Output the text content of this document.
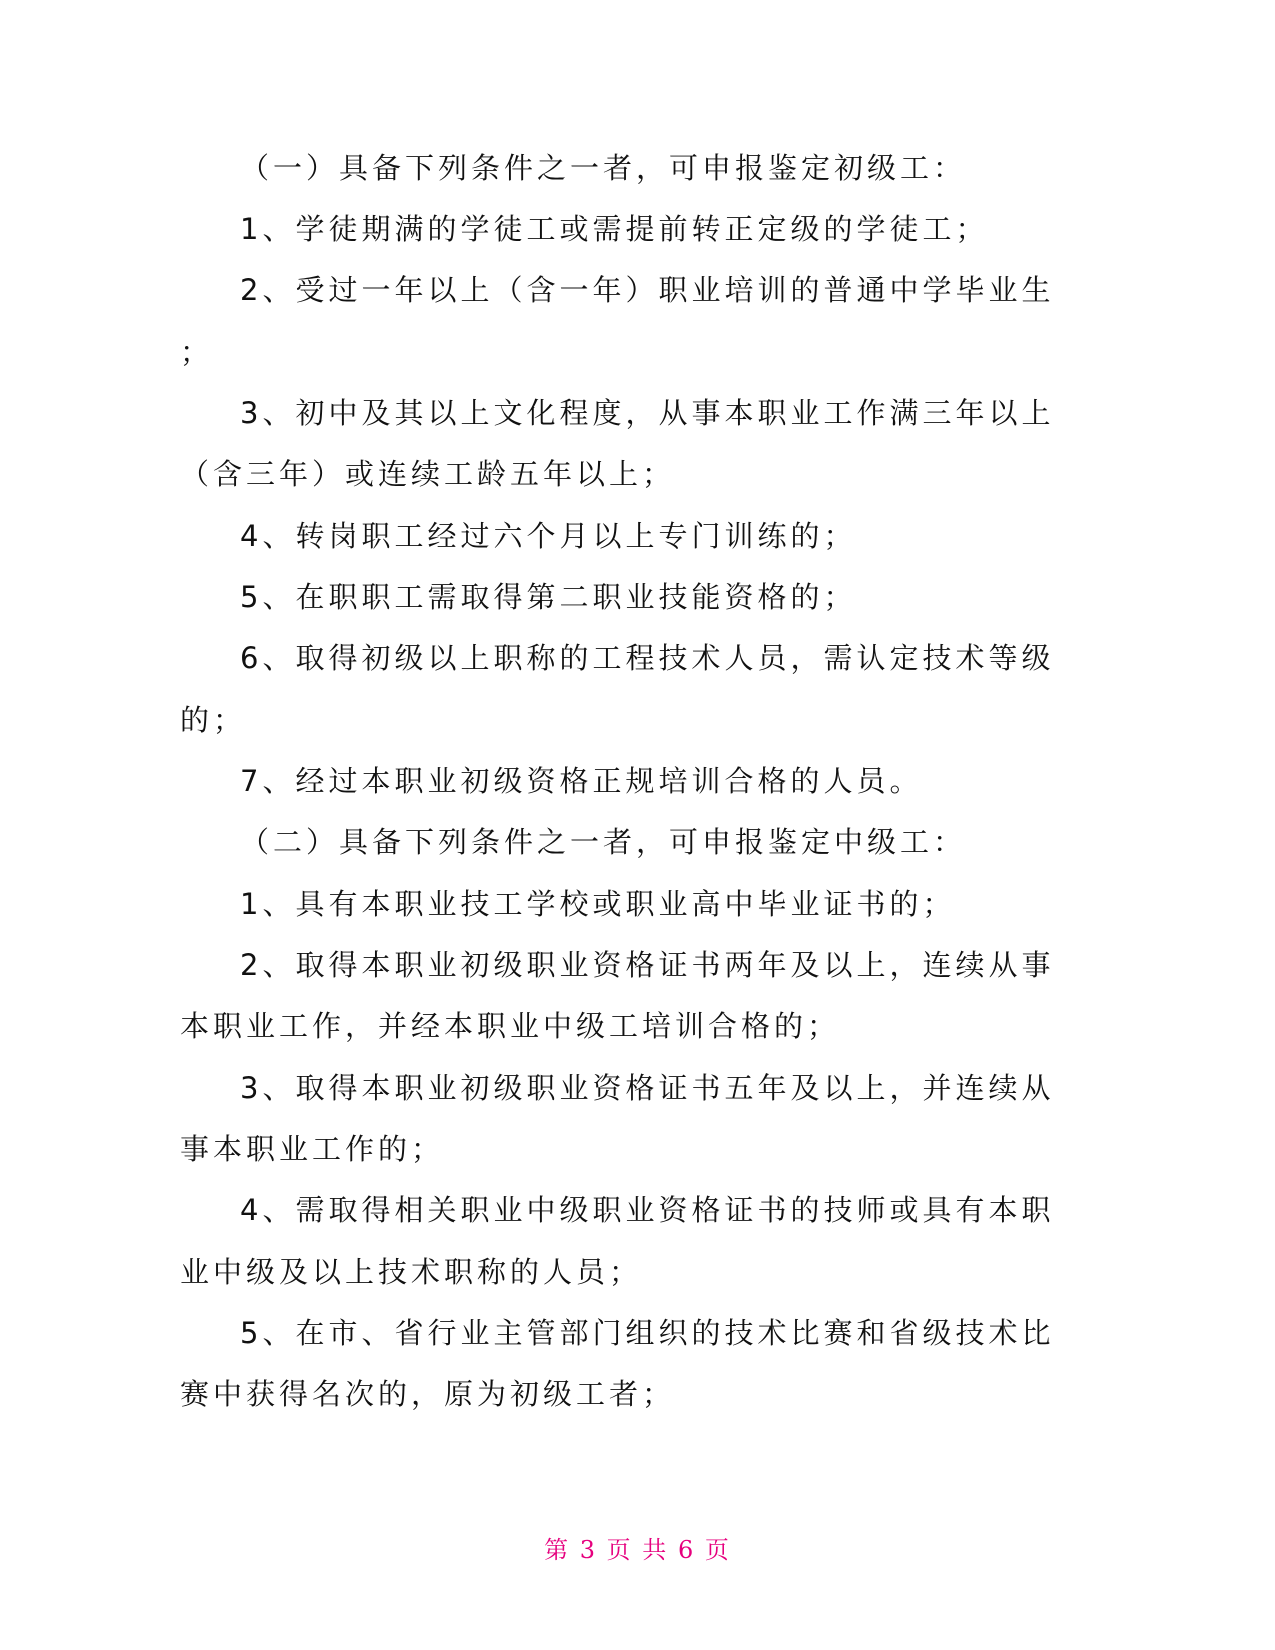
（一）具备下列条件之一者，可申报鉴定初级工：
1、学徒期满的学徒工或需提前转正定级的学徒工；
2、受过一年以上（含一年）职业培训的普通中学毕业生
；
3、初中及其以上文化程度，从事本职业工作满三年以上
（含三年）或连续工龄五年以上；
4、转岗职工经过六个月以上专门训练的；
5、在职职工需取得第二职业技能资格的；
6、取得初级以上职称的工程技术人员，需认定技术等级
的；
7、经过本职业初级资格正规培训合格的人员。
（二）具备下列条件之一者，可申报鉴定中级工：
1、具有本职业技工学校或职业高中毕业证书的；
2、取得本职业初级职业资格证书两年及以上，连续从事
本职业工作，并经本职业中级工培训合格的；
3、取得本职业初级职业资格证书五年及以上，并连续从
事本职业工作的；
4、需取得相关职业中级职业资格证书的技师或具有本职
业中级及以上技术职称的人员；
5、在市、省行业主管部门组织的技术比赛和省级技术比
赛中获得名次的，原为初级工者；
第 3 页 共 6 页
